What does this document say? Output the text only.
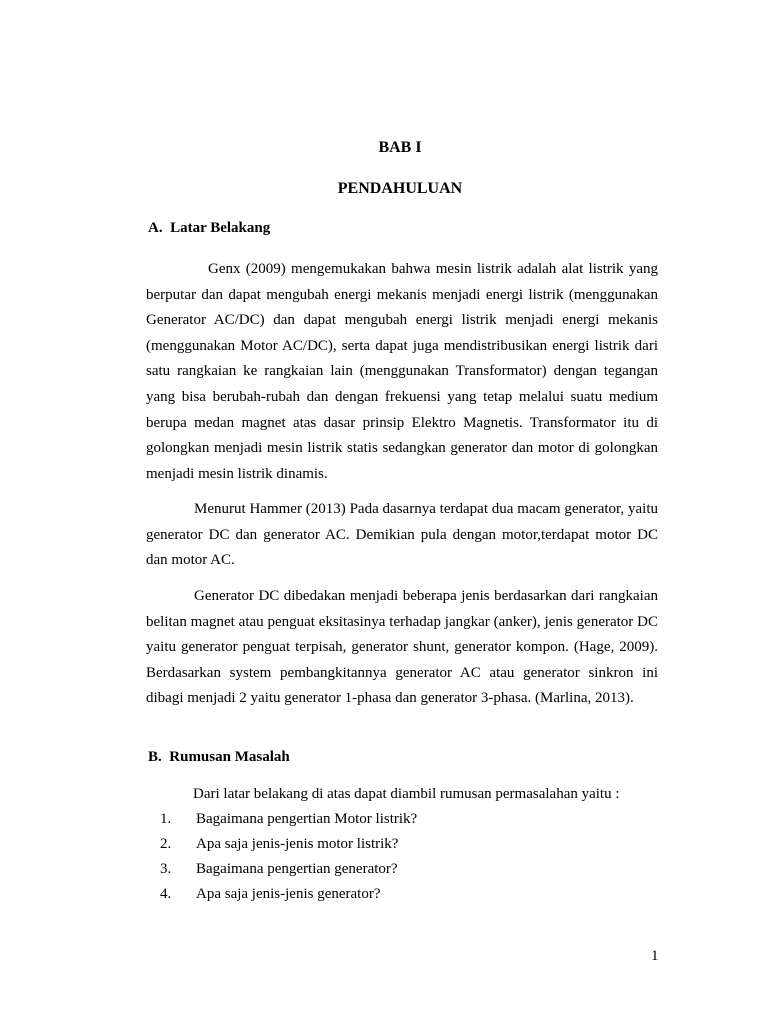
BAB I
PENDAHULUAN
A. Latar Belakang

Genx (2009) mengemukakan bahwa mesin listrik adalah alat listrik yang berputar dan dapat mengubah energi mekanis menjadi energi listrik (menggunakan Generator AC/DC) dan dapat mengubah energi listrik menjadi energi mekanis (menggunakan Motor AC/DC), serta dapat juga mendistribusikan energi listrik dari satu rangkaian ke rangkaian lain (menggunakan Transformator) dengan tegangan yang bisa berubah-rubah dan dengan frekuensi yang tetap melalui suatu medium berupa medan magnet atas dasar prinsip Elektro Magnetis. Transformator itu di golongkan menjadi mesin listrik statis sedangkan generator dan motor di golongkan menjadi mesin listrik dinamis.

Menurut Hammer (2013) Pada dasarnya terdapat dua macam generator, yaitu generator DC dan generator AC. Demikian pula dengan motor,terdapat motor DC dan motor AC.

Generator DC dibedakan menjadi beberapa jenis berdasarkan dari rangkaian belitan magnet atau penguat eksitasinya terhadap jangkar (anker), jenis generator DC yaitu generator penguat terpisah, generator shunt, generator kompon. (Hage, 2009). Berdasarkan system pembangkitannya generator AC atau generator sinkron ini dibagi menjadi 2 yaitu generator 1-phasa dan generator 3-phasa. (Marlina, 2013).

B. Rumusan Masalah
Dari latar belakang di atas dapat diambil rumusan permasalahan yaitu :
1. Bagaimana pengertian Motor listrik?
2. Apa saja jenis-jenis motor listrik?
3. Bagaimana pengertian generator?
4. Apa saja jenis-jenis generator?
1
